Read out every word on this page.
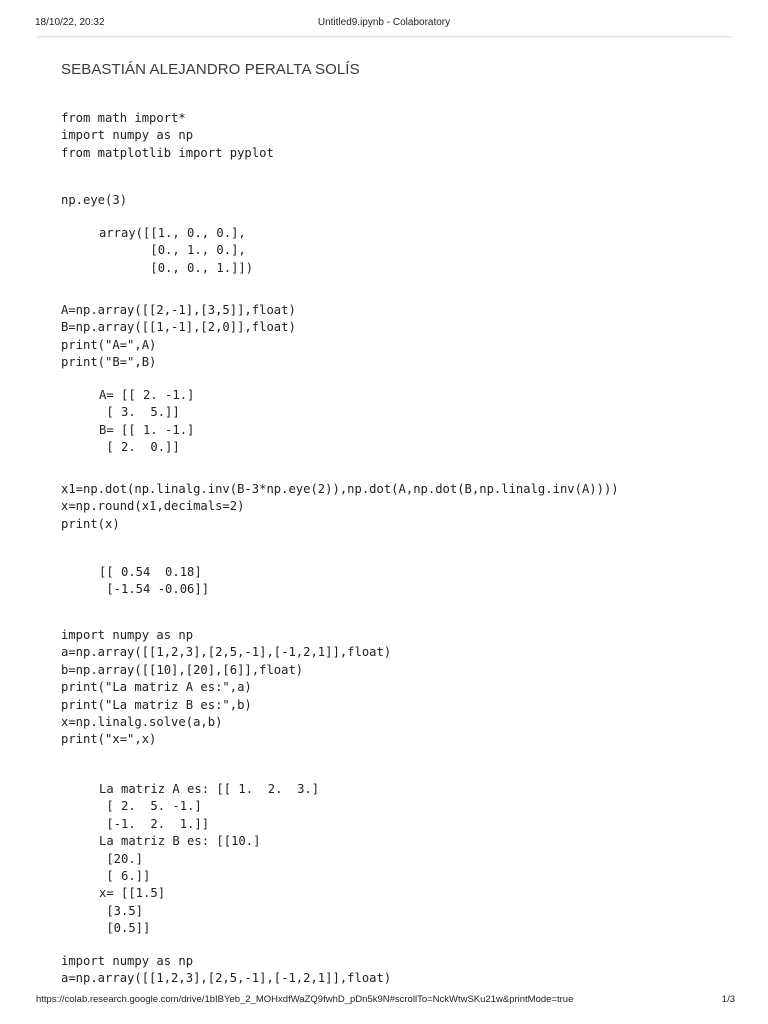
18/10/22, 20:32	Untitled9.ipynb - Colaboratory
SEBASTIÁN ALEJANDRO PERALTA SOLÍS
from math import*
import numpy as np
from matplotlib import pyplot
np.eye(3)
array([[1., 0., 0.],
[0., 1., 0.],
[0., 0., 1.]])
A=np.array([[2,-1],[3,5]],float)
B=np.array([[1,-1],[2,0]],float)
print("A=",A)
print("B=",B)
A= [[ 2. -1.]
[ 3.  5.]]
B= [[ 1. -1.]
[ 2.  0.]]
x1=np.dot(np.linalg.inv(B-3*np.eye(2)),np.dot(A,np.dot(B,np.linalg.inv(A))))
x=np.round(x1,decimals=2)
print(x)
[[ 0.54  0.18]
[-1.54 -0.06]]
import numpy as np
a=np.array([[1,2,3],[2,5,-1],[-1,2,1]],float)
b=np.array([[10],[20],[6]],float)
print("La matriz A es:",a)
print("La matriz B es:",b)
x=np.linalg.solve(a,b)
print("x=",x)
La matriz A es: [[ 1.  2.  3.]
[ 2.  5. -1.]
[-1.  2.  1.]]
La matriz B es: [[10.]
[20.]
[ 6.]]
x= [[1.5]
[3.5]
[0.5]]
import numpy as np
a=np.array([[1,2,3],[2,5,-1],[-1,2,1]],float)
https://colab.research.google.com/drive/1bIBYeb_2_MOHxdfWaZQ9fwhD_pDn5k9N#scrollTo=NckWtwSKu21w&printMode=true	1/3
